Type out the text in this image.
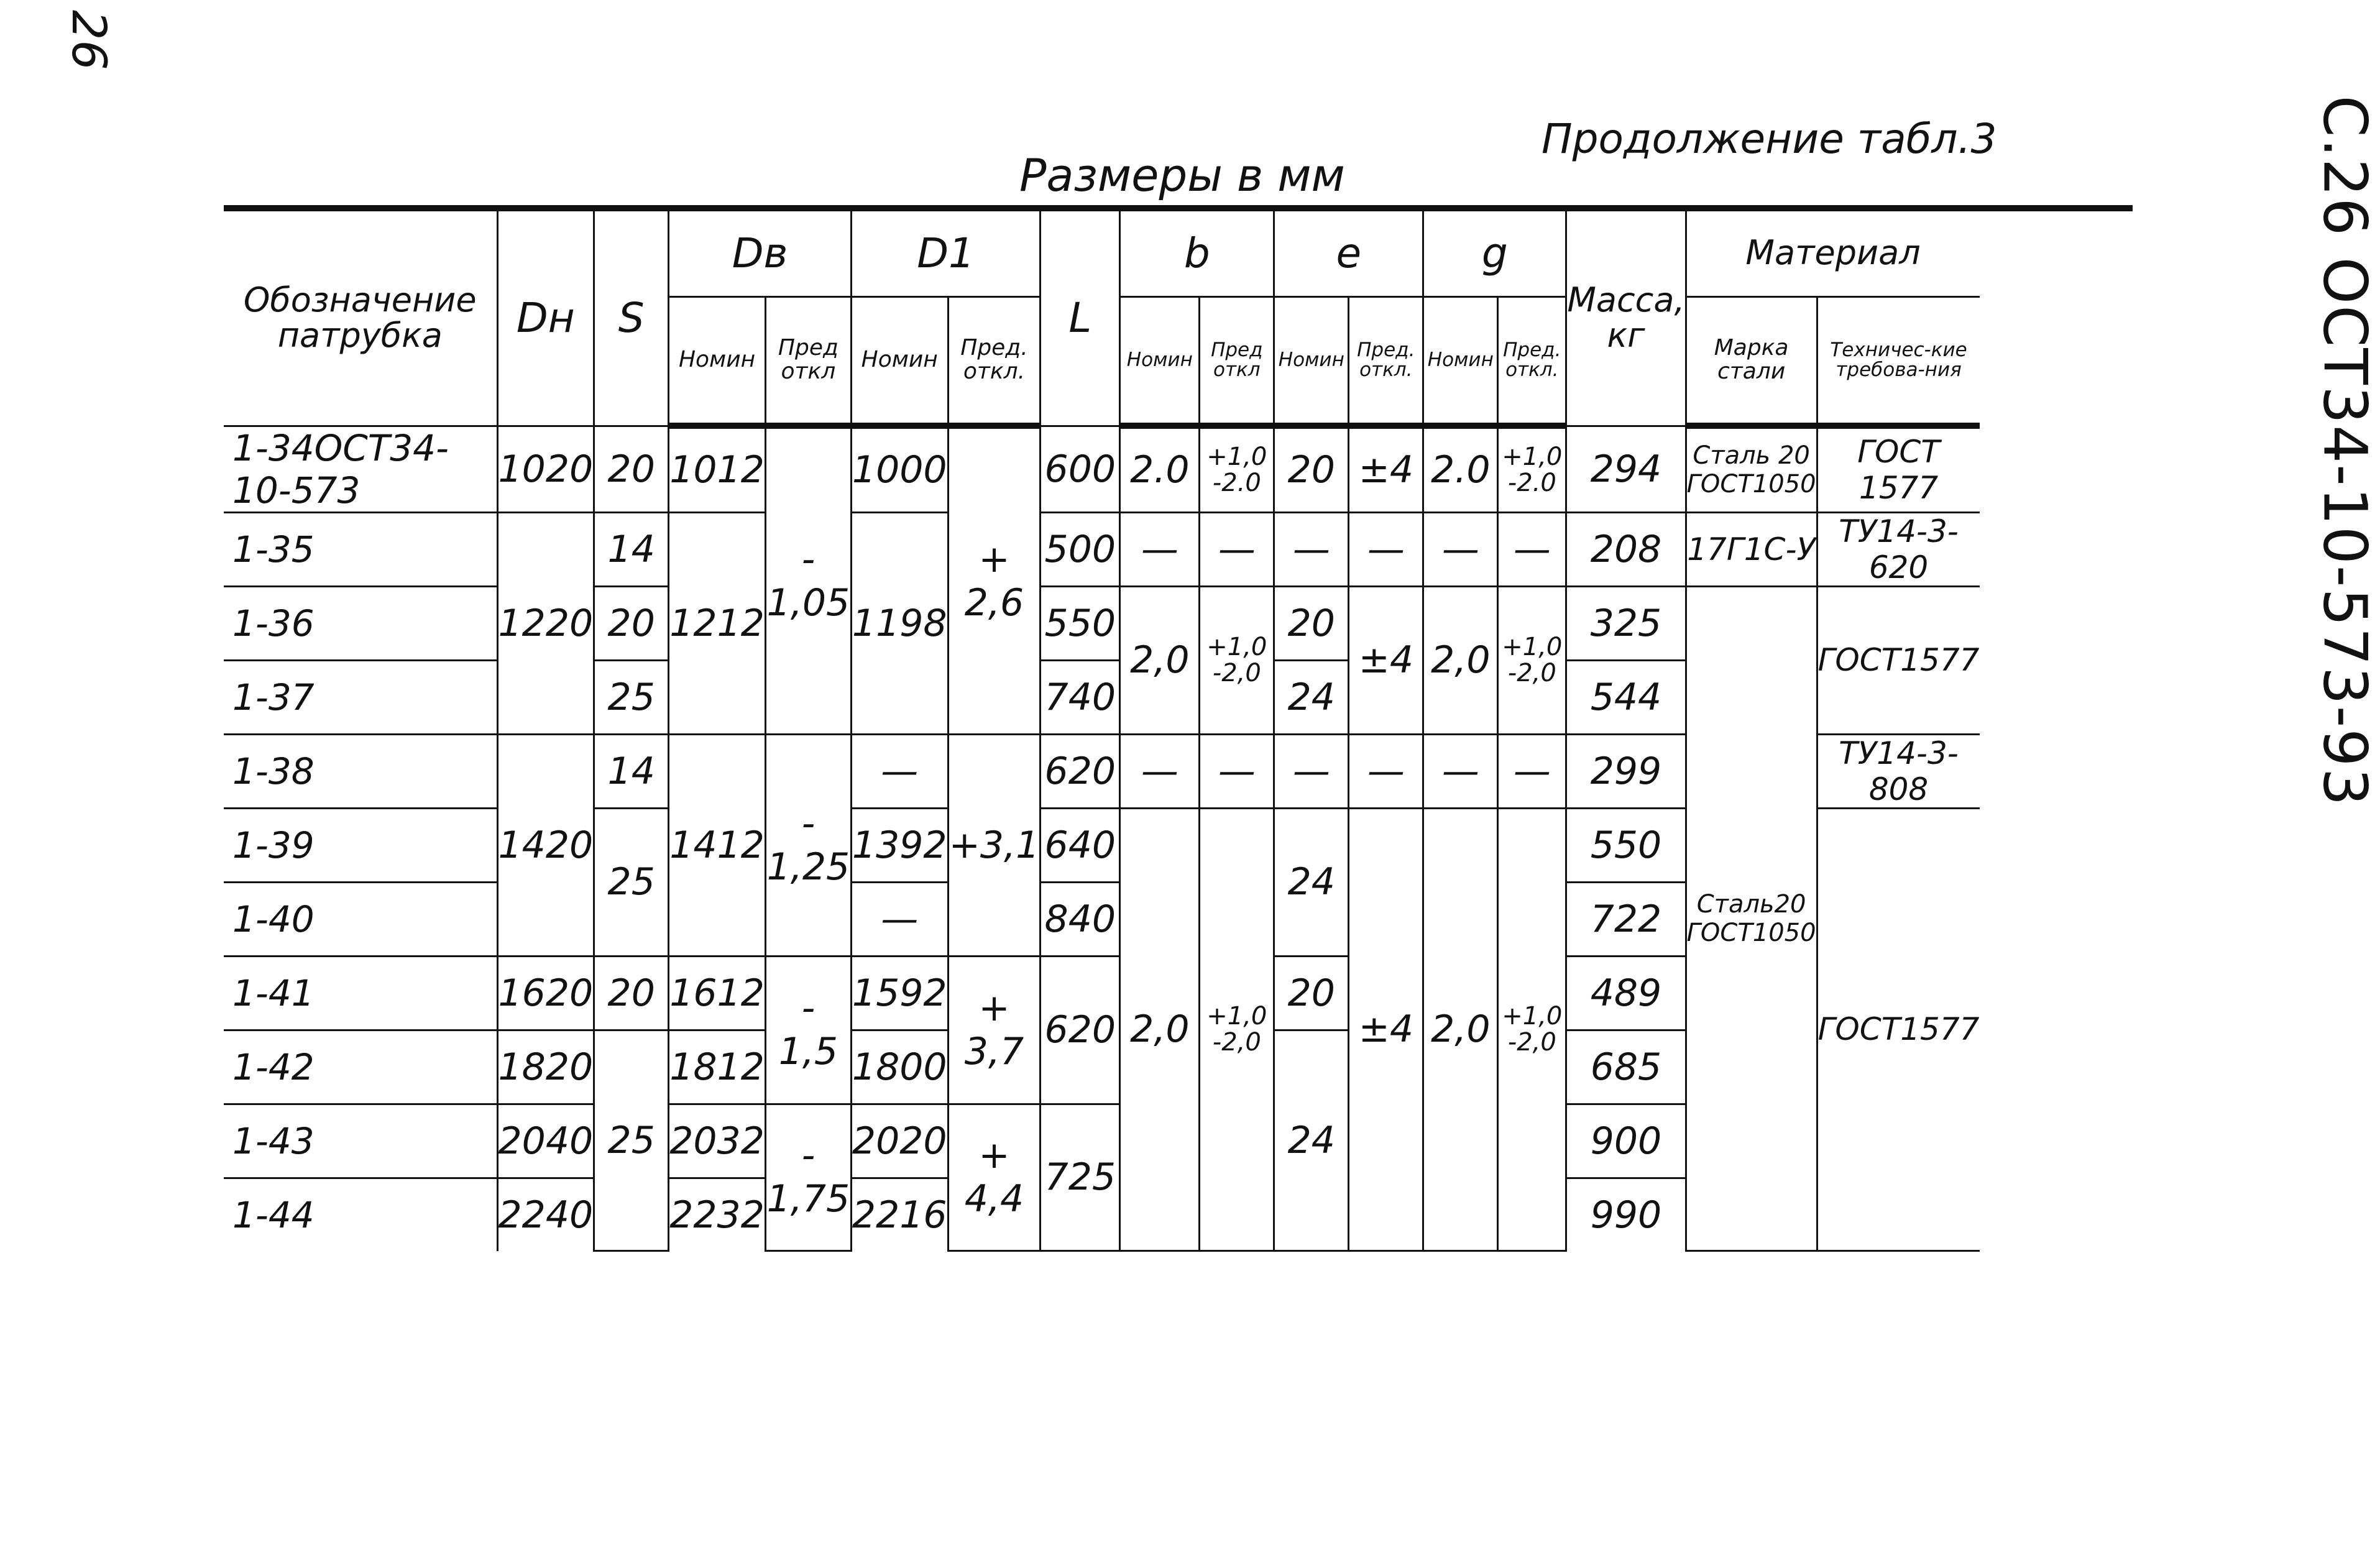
26
Продолжение табл.3
Размеры в мм	С.26 ОСТ34-10-573-93
Обозначение патрубка	Dн	S	Dв		D1		L	b		e		g		Масса, кг	Материал	
			Номин	Пред откл	Номин	Пред. откл.		Номин	Пред откл	Номин	Пред. откл.	Номин	Пред. откл.		Марка стали	Техничес-кие требова-ния
1-34ОСТ34-10-573	1020	20	1012	- 1,05	1000	+ 2,6	600	2.0	+1,0 -2.0	20	±4	2.0	+1,0 -2.0	294	Сталь 20 ГОСТ1050	ГОСТ 1577
1-35	1220	14	1212		1198		500	—	—	—	—	—	—	208	17Г1С-У	ТУ14-3-620
1-36		20					550	2,0	+1,0 -2,0	20	±4	2,0	+1,0 -2,0	325	Сталь20 ГОСТ1050	ГОСТ1577
1-37		25					740			24				544		
1-38	1420	14	1412	- 1,25	—	+3,1	620	—	—	—	—	—	—	299		ТУ14-3-808
1-39		25			1392		640	2,0	+1,0 -2,0	24	±4	2,0	+1,0 -2,0	550		ГОСТ1577
1-40					—		840							722		
1-41	1620	20	1612	- 1,5	1592	+ 3,7	620			20				489		
1-42	1820	25	1812		1800					24				685		
1-43	2040		2032	- 1,75	2020	+ 4,4	725							900		
1-44	2240		2232		2216									990		
